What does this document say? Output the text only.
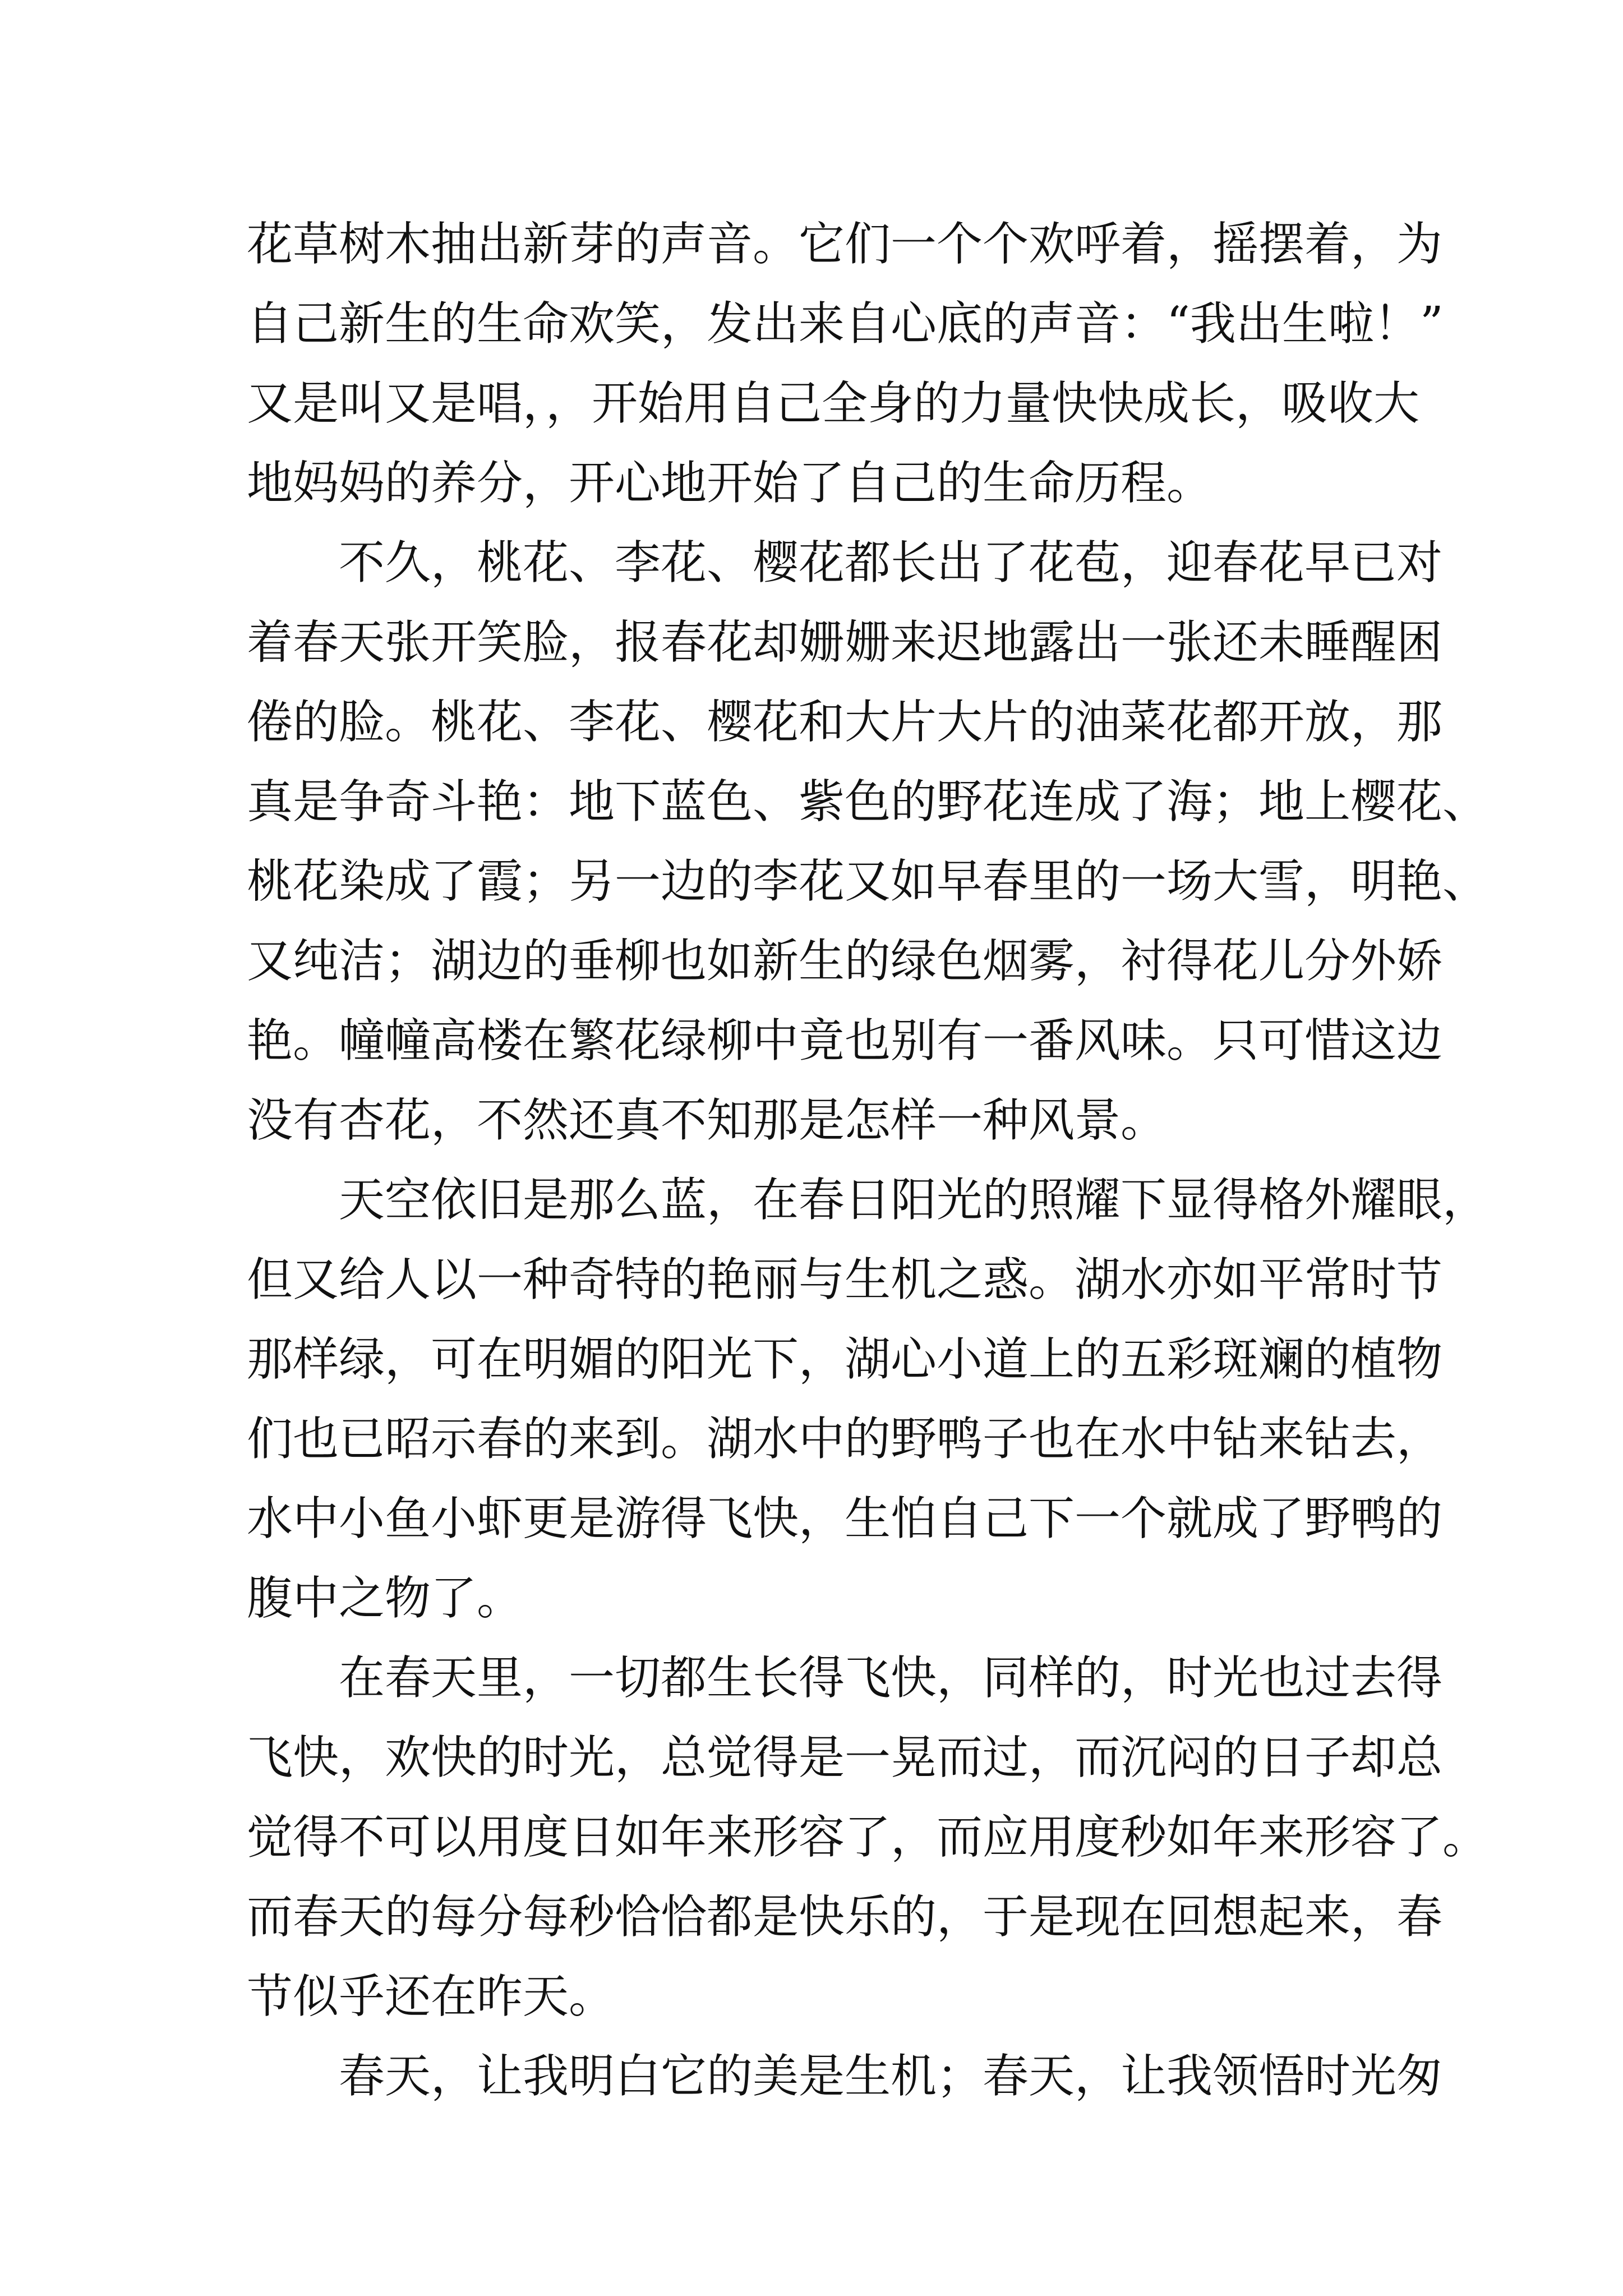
花草树木抽出新芽的声音。它们一个个欢呼着，摇摆着，为
自己新生的生命欢笑，发出来自心底的声音：“我出生啦！”
又是叫又是唱，，开始用自己全身的力量快快成长，吸收大
地妈妈的养分，开心地开始了自己的生命历程。
不久，桃花、李花、樱花都长出了花苞，迎春花早已对
着春天张开笑脸，报春花却姗姗来迟地露出一张还未睡醒困
倦的脸。桃花、李花、樱花和大片大片的油菜花都开放，那
真是争奇斗艳：地下蓝色、紫色的野花连成了海；地上樱花、
桃花染成了霞；另一边的李花又如早春里的一场大雪，明艳、
又纯洁；湖边的垂柳也如新生的绿色烟雾，衬得花儿分外娇
艳。幢幢高楼在繁花绿柳中竟也别有一番风味。只可惜这边
没有杏花，不然还真不知那是怎样一种风景。
天空依旧是那么蓝，在春日阳光的照耀下显得格外耀眼，
但又给人以一种奇特的艳丽与生机之惑。湖水亦如平常时节
那样绿，可在明媚的阳光下，湖心小道上的五彩斑斓的植物
们也已昭示春的来到。湖水中的野鸭子也在水中钻来钻去，
水中小鱼小虾更是游得飞快，生怕自己下一个就成了野鸭的
腹中之物了。
在春天里，一切都生长得飞快，同样的，时光也过去得
飞快，欢快的时光，总觉得是一晃而过，而沉闷的日子却总
觉得不可以用度日如年来形容了，而应用度秒如年来形容了。
而春天的每分每秒恰恰都是快乐的，于是现在回想起来，春
节似乎还在昨天。
春天，让我明白它的美是生机；春天，让我领悟时光匆
